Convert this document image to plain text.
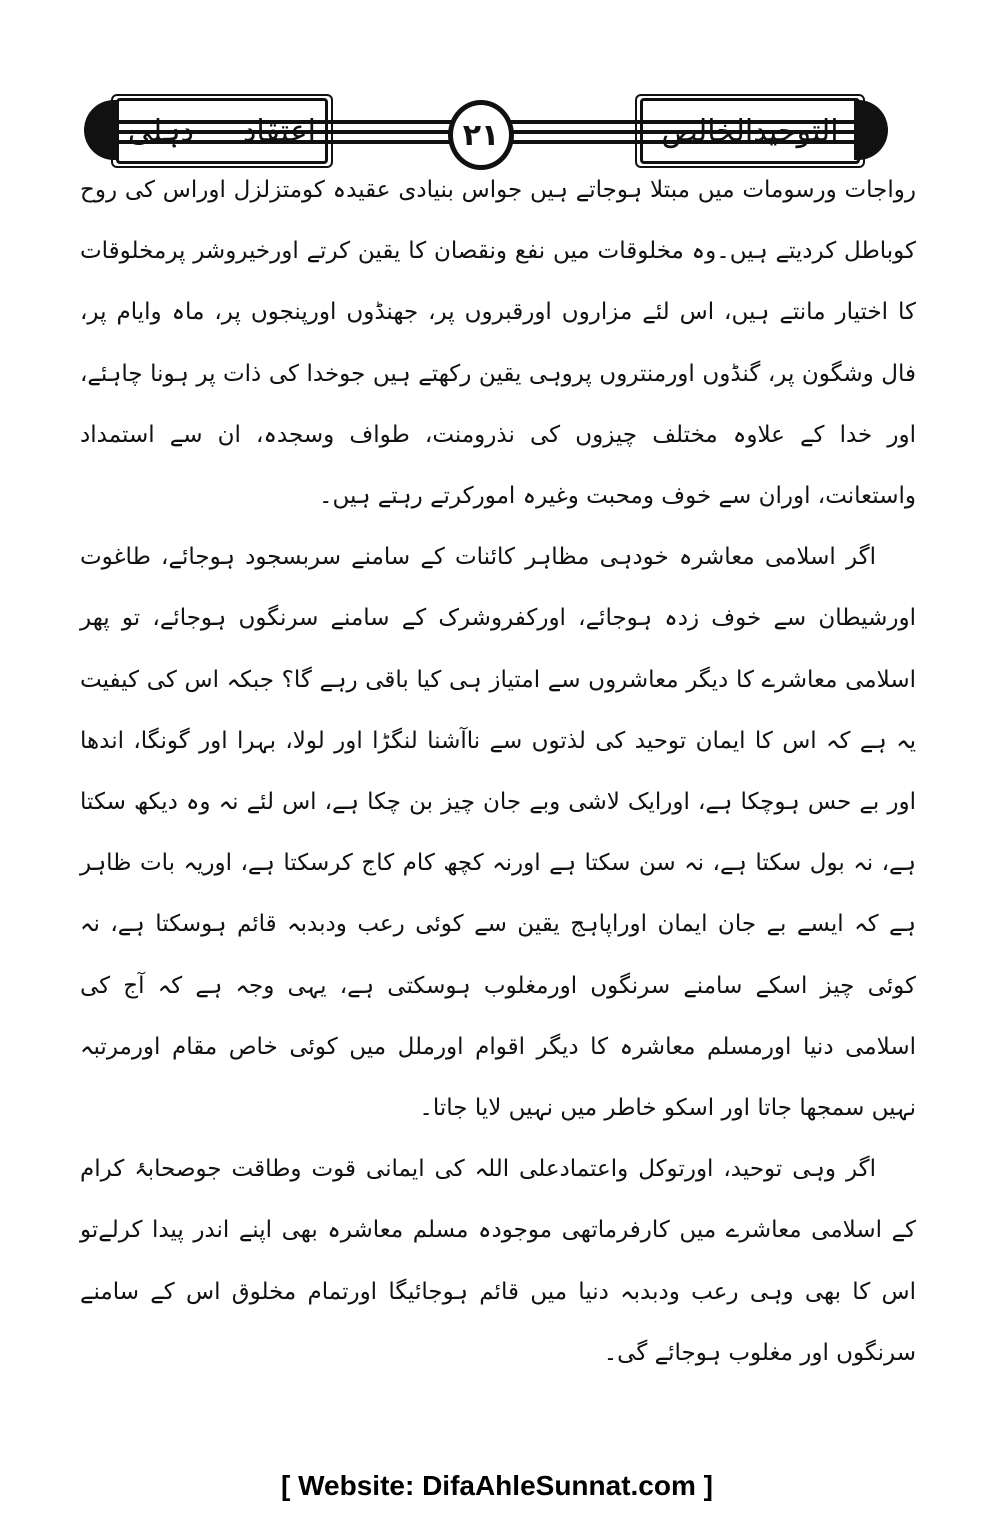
اعتقاد — دہلی	۲۱	التوحیدالخالص

رواجات ورسومات میں مبتلا ہوجاتے ہیں جواس بنیادی عقیدہ کومتزلزل اوراس کی روح کوباطل کردیتے ہیں۔وہ مخلوقات میں نفع ونقصان کا یقین کرتے اورخیروشر پرمخلوقات کا اختیار مانتے ہیں، اس لئے مزاروں اورقبروں پر، جھنڈوں اورپنجوں پر، ماہ وایام پر، فال وشگون پر، گنڈوں اورمنتروں پروہی یقین رکھتے ہیں جوخدا کی ذات پر ہونا چاہئے، اور خدا کے علاوہ مختلف چیزوں کی نذرومنت، طواف وسجدہ، ان سے استمداد واستعانت، اوران سے خوف ومحبت وغیرہ امورکرتے رہتے ہیں۔

اگر اسلامی معاشرہ خودہی مظاہر کائنات کے سامنے سربسجود ہوجائے، طاغوت اورشیطان سے خوف زدہ ہوجائے، اورکفروشرک کے سامنے سرنگوں ہوجائے، تو پھر اسلامی معاشرے کا دیگر معاشروں سے امتیاز ہی کیا باقی رہے گا؟ جبکہ اس کی کیفیت یہ ہے کہ اس کا ایمان توحید کی لذتوں سے ناآشنا لنگڑا اور لولا، بہرا اور گونگا، اندھا اور بے حس ہوچکا ہے، اورایک لاشی وبے جان چیز بن چکا ہے، اس لئے نہ وہ دیکھ سکتا ہے، نہ بول سکتا ہے، نہ سن سکتا ہے اورنہ کچھ کام کاج کرسکتا ہے، اوریہ بات ظاہر ہے کہ ایسے بے جان ایمان اوراپاہج یقین سے کوئی رعب ودبدبہ قائم ہوسکتا ہے، نہ کوئی چیز اسکے سامنے سرنگوں اورمغلوب ہوسکتی ہے، یہی وجہ ہے کہ آج کی اسلامی دنیا اورمسلم معاشرہ کا دیگر اقوام اورملل میں کوئی خاص مقام اورمرتبہ نہیں سمجھا جاتا اور اسکو خاطر میں نہیں لایا جاتا۔

اگر وہی توحید، اورتوکل واعتمادعلی اللہ کی ایمانی قوت وطاقت جوصحابۂ کرام کے اسلامی معاشرے میں کارفرماتھی موجودہ مسلم معاشرہ بھی اپنے اندر پیدا کرلےتو اس کا بھی وہی رعب ودبدبہ دنیا میں قائم ہوجائیگا اورتمام مخلوق اس کے سامنے سرنگوں اور مغلوب ہوجائے گی۔

[ Website: DifaAhleSunnat.com ]
